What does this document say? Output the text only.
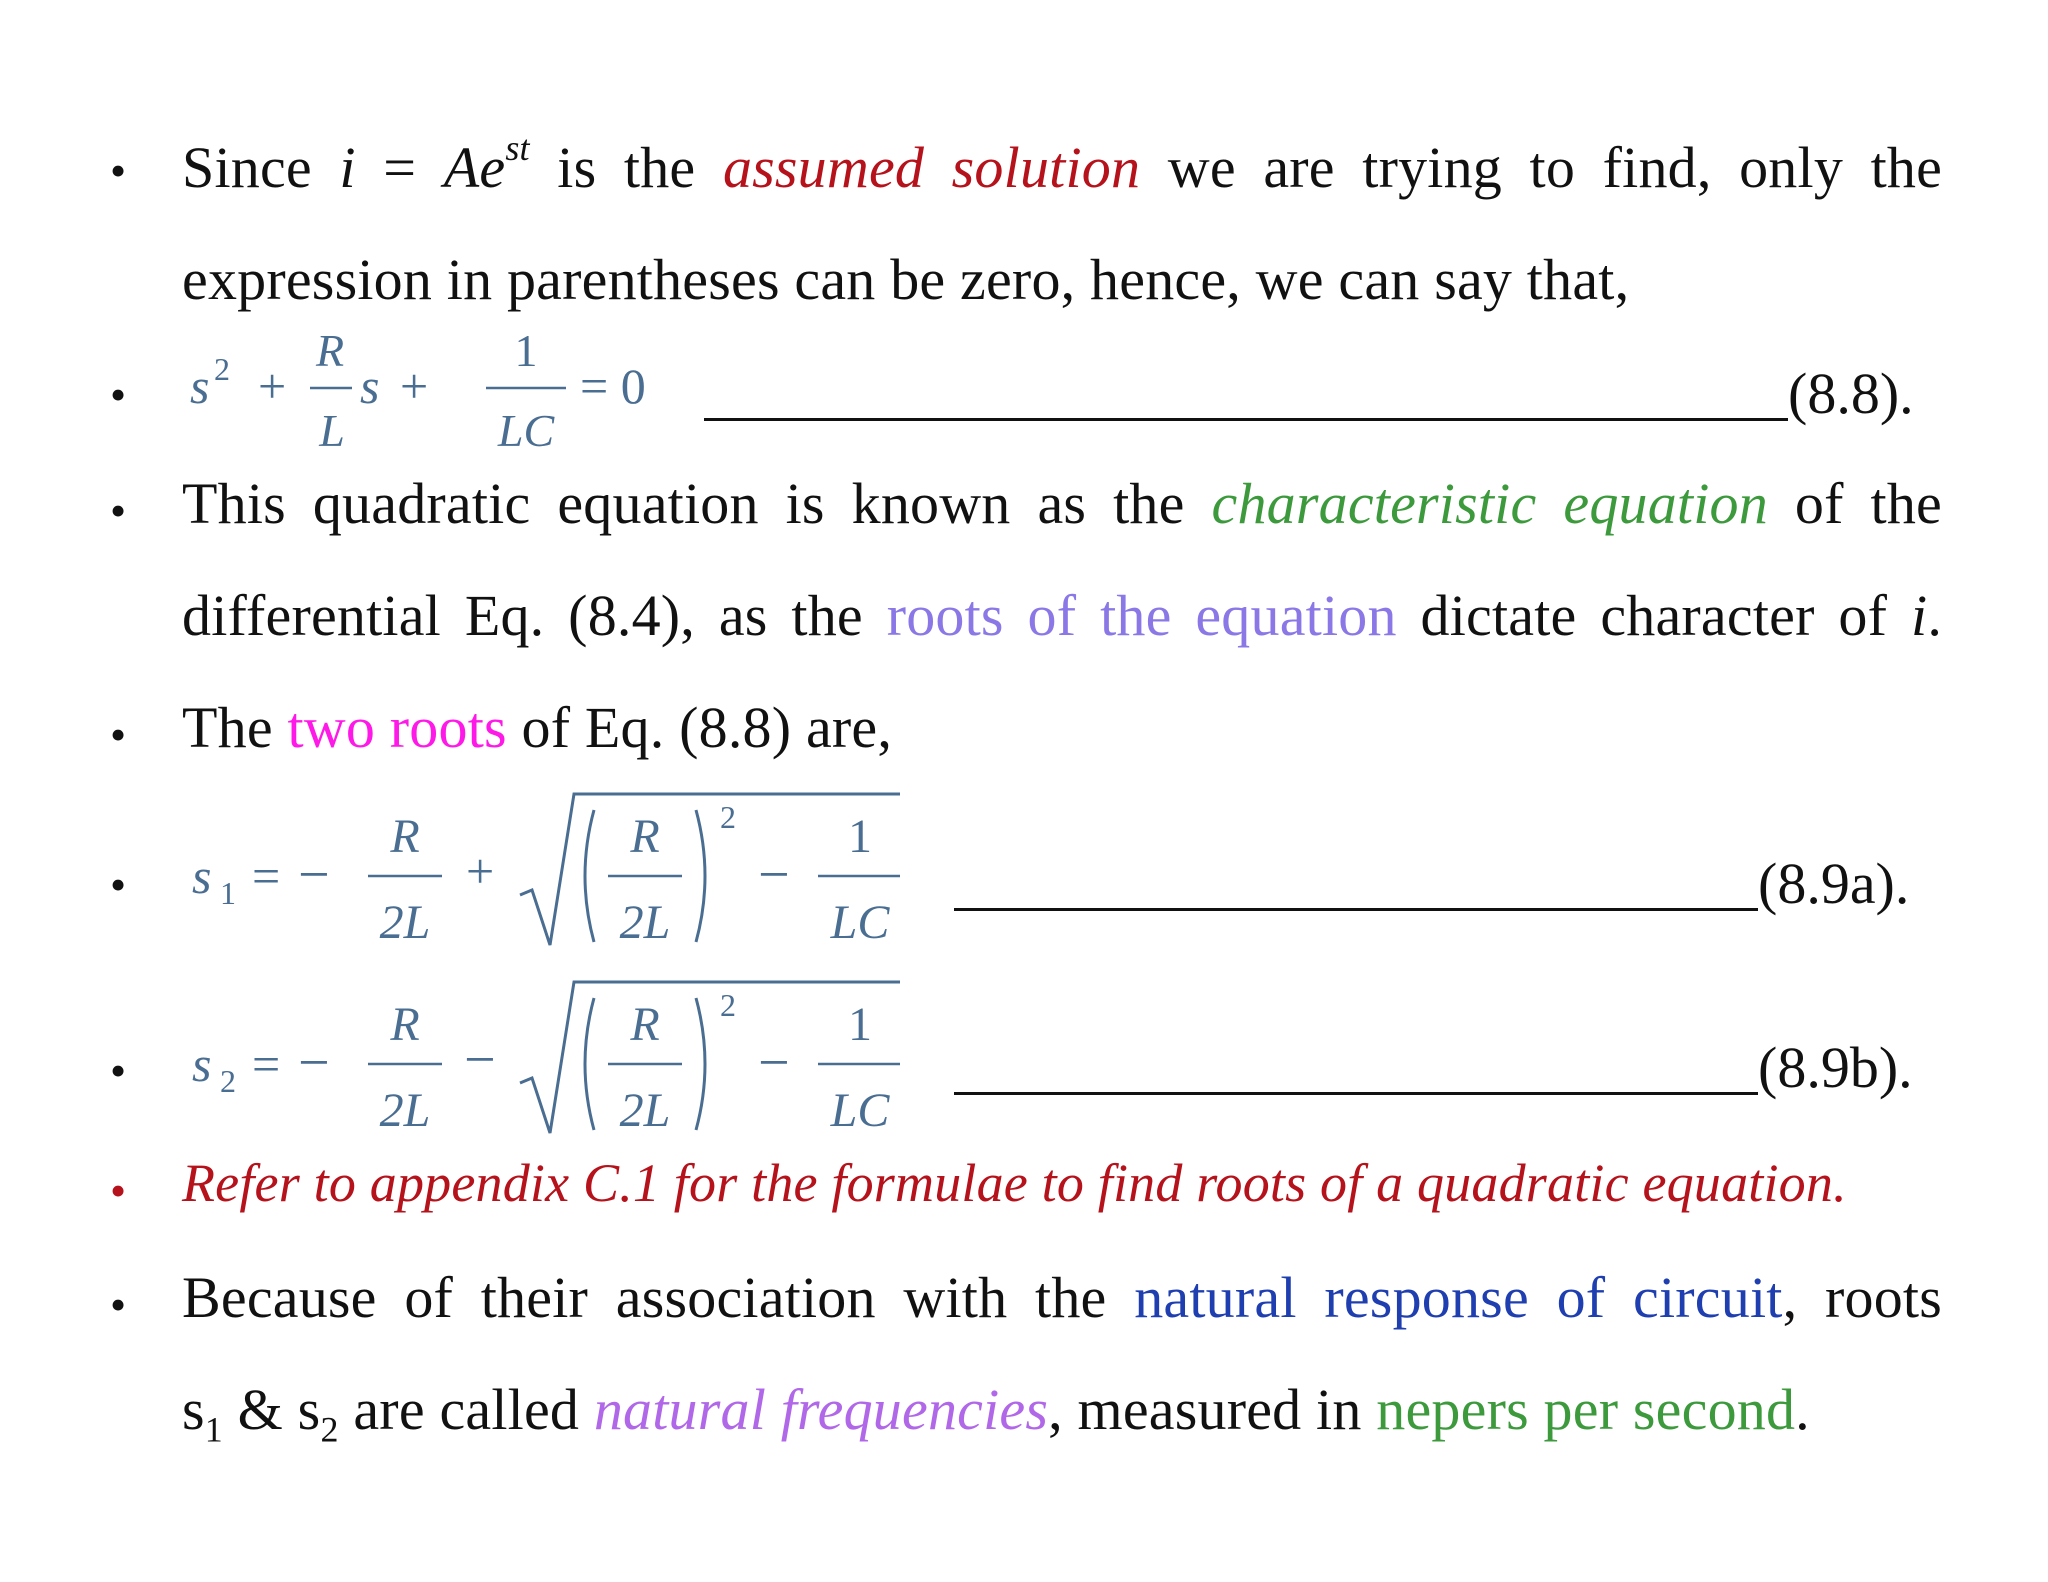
• Since $i = Ae^{st}$ is the assumed solution we are trying to find, only the
expression in parentheses can be zero, hence, we can say that,
• s 2 +
R
L
s +
1
LC
= 0	(8.8).
• This quadratic equation is known as the characteristic equation of the
differential Eq. (8.4), as the roots of the equation dictate character of i.
• The two roots of Eq. (8.8) are,
• s 1 = −
R
2L
+
R
2L
2
−
1
LC
(8.9a).
• s 2 = −
R
2L
−
R
2L
2
−
1
LC
(8.9b).
• Refer to appendix C.1 for the formulae to find roots of a quadratic equation.
• Because of their association with the natural response of circuit, roots
$s_1$ & $s_2$ are called natural frequencies, measured in nepers per second.
